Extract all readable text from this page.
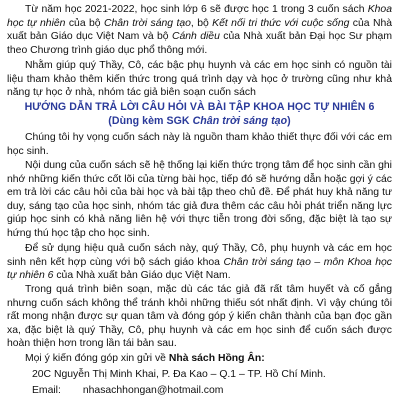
Từ năm học 2021-2022, học sinh lớp 6 sẽ được học 1 trong 3 cuốn sách Khoa học tự nhiên của bộ Chân trời sáng tạo, bộ Kết nối tri thức với cuộc sống của Nhà xuất bản Giáo dục Việt Nam và bộ Cánh diều của Nhà xuất bản Đại học Sư phạm theo Chương trình giáo dục phổ thông mới.

Nhằm giúp quý Thầy, Cô, các bậc phụ huynh và các em học sinh có nguồn tài liệu tham khảo thêm kiến thức trong quá trình dạy và học ở trường cũng như khả năng tự học ở nhà, nhóm tác giả biên soạn cuốn sách

HƯỚNG DẪN TRẢ LỜI CÂU HỎI VÀ BÀI TẬP KHOA HỌC TỰ NHIÊN 6

(Dùng kèm SGK Chân trời sáng tạo)

Chúng tôi hy vọng cuốn sách này là nguồn tham khảo thiết thực đối với các em học sinh.

Nội dung của cuốn sách sẽ hệ thống lại kiến thức trọng tâm để học sinh cần ghi nhớ những kiến thức cốt lõi của từng bài học, tiếp đó sẽ hướng dẫn hoặc gợi ý các em trả lời các câu hỏi của bài học và bài tập theo chủ đề. Để phát huy khả năng tư duy, sáng tạo của học sinh, nhóm tác giả đưa thêm các câu hỏi phát triển năng lực giúp học sinh có khả năng liên hệ với thực tiễn trong đời sống, đặc biệt là tạo sự hứng thú học tập cho học sinh.

Để sử dụng hiệu quả cuốn sách này, quý Thầy, Cô, phụ huynh và các em học sinh nên kết hợp cùng với bộ sách giáo khoa Chân trời sáng tạo – môn Khoa học tự nhiên 6 của Nhà xuất bản Giáo dục Việt Nam.

Trong quá trình biên soạn, mặc dù các tác giả đã rất tâm huyết và cố gắng nhưng cuốn sách không thể tránh khỏi những thiếu sót nhất định. Vì vậy chúng tôi rất mong nhận được sự quan tâm và đóng góp ý kiến chân thành của bạn đọc gần xa, đặc biệt là quý Thầy, Cô, phụ huynh và các em học sinh để cuốn sách được hoàn thiện hơn trong lần tái bản sau.

Mọi ý kiến đóng góp xin gửi về Nhà sách Hồng Ân:

20C Nguyễn Thị Minh Khai, P. Đa Kao – Q.1 – TP. Hồ Chí Minh.

Email: nhasachhongan@hotmail.com
